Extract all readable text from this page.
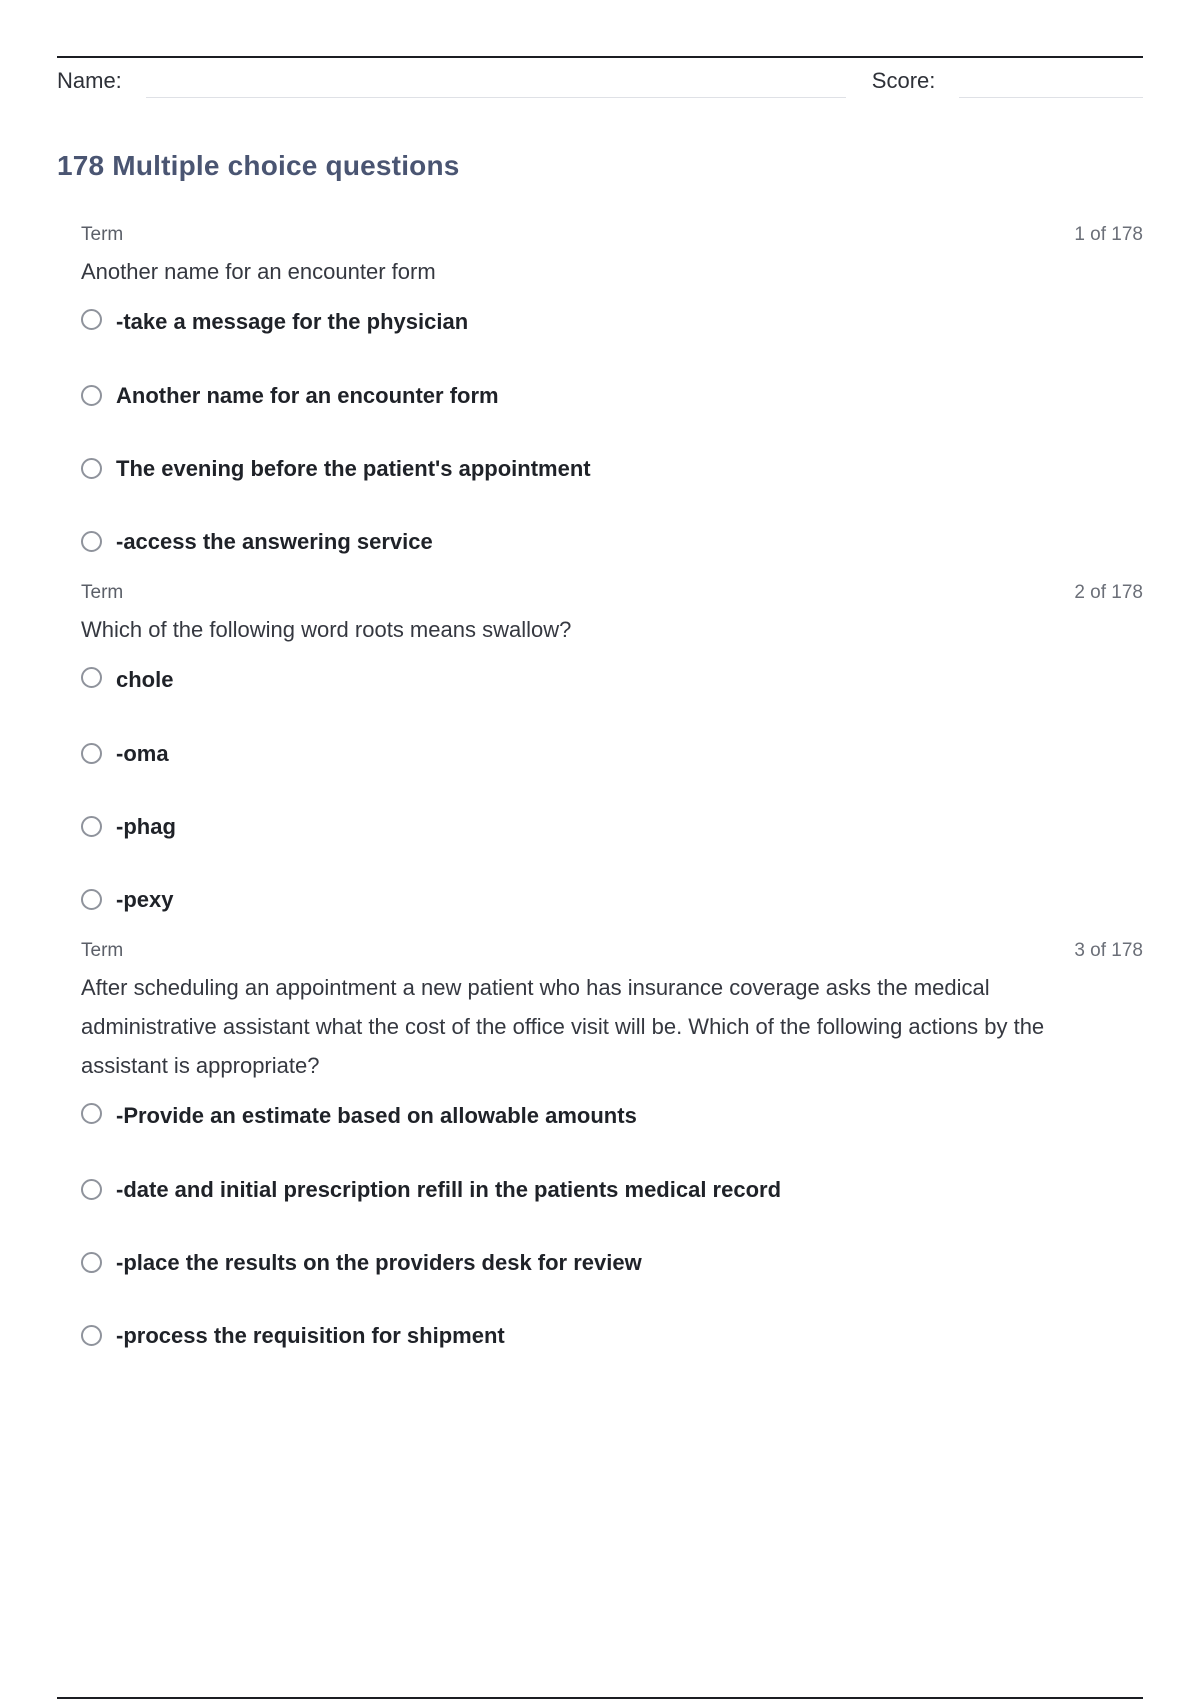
Name:	Score:
178 Multiple choice questions
Term	1 of 178
Another name for an encounter form
-take a message for the physician
Another name for an encounter form
The evening before the patient's appointment
-access the answering service
Term	2 of 178
Which of the following word roots means swallow?
chole
-oma
-phag
-pexy
Term	3 of 178
After scheduling an appointment a new patient who has insurance coverage asks the medical administrative assistant what the cost of the office visit will be. Which of the following actions by the assistant is appropriate?
-Provide an estimate based on allowable amounts
-date and initial prescription refill in the patients medical record
-place the results on the providers desk for review
-process the requisition for shipment
